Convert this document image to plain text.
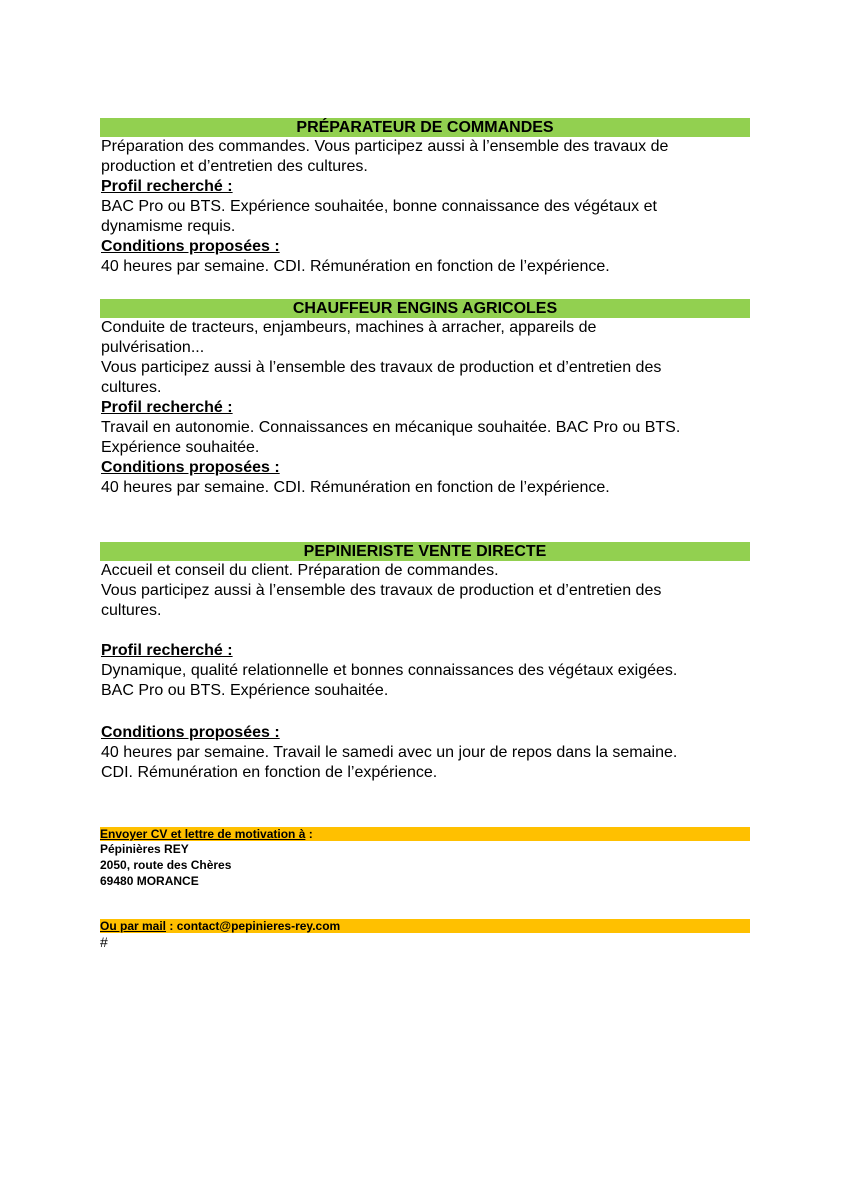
PRÉPARATEUR DE COMMANDES

Préparation des commandes. Vous participez aussi à l’ensemble des travaux de

production et d’entretien des cultures.

Profil recherché :

BAC Pro ou BTS. Expérience souhaitée, bonne connaissance des végétaux et

dynamisme requis.

Conditions proposées :

40 heures par semaine. CDI. Rémunération en fonction de l’expérience.

CHAUFFEUR ENGINS AGRICOLES

Conduite de tracteurs, enjambeurs, machines à arracher, appareils de

pulvérisation...

Vous participez aussi à l’ensemble des travaux de production et d’entretien des

cultures.

Profil recherché :

Travail en autonomie. Connaissances en mécanique souhaitée. BAC Pro ou BTS.

Expérience souhaitée.

Conditions proposées :

40 heures par semaine. CDI. Rémunération en fonction de l’expérience.

PEPINIERISTE VENTE DIRECTE

Accueil et conseil du client. Préparation de commandes.

Vous participez aussi à l’ensemble des travaux de production et d’entretien des

cultures.

Profil recherché :

Dynamique, qualité relationnelle et bonnes connaissances des végétaux exigées.

BAC Pro ou BTS. Expérience souhaitée.

Conditions proposées :

40 heures par semaine. Travail le samedi avec un jour de repos dans la semaine.

CDI. Rémunération en fonction de l’expérience.

Envoyer CV et lettre de motivation à :

Pépinières REY

2050, route des Chères

69480 MORANCE

Ou par mail : contact@pepinieres-rey.com

#
